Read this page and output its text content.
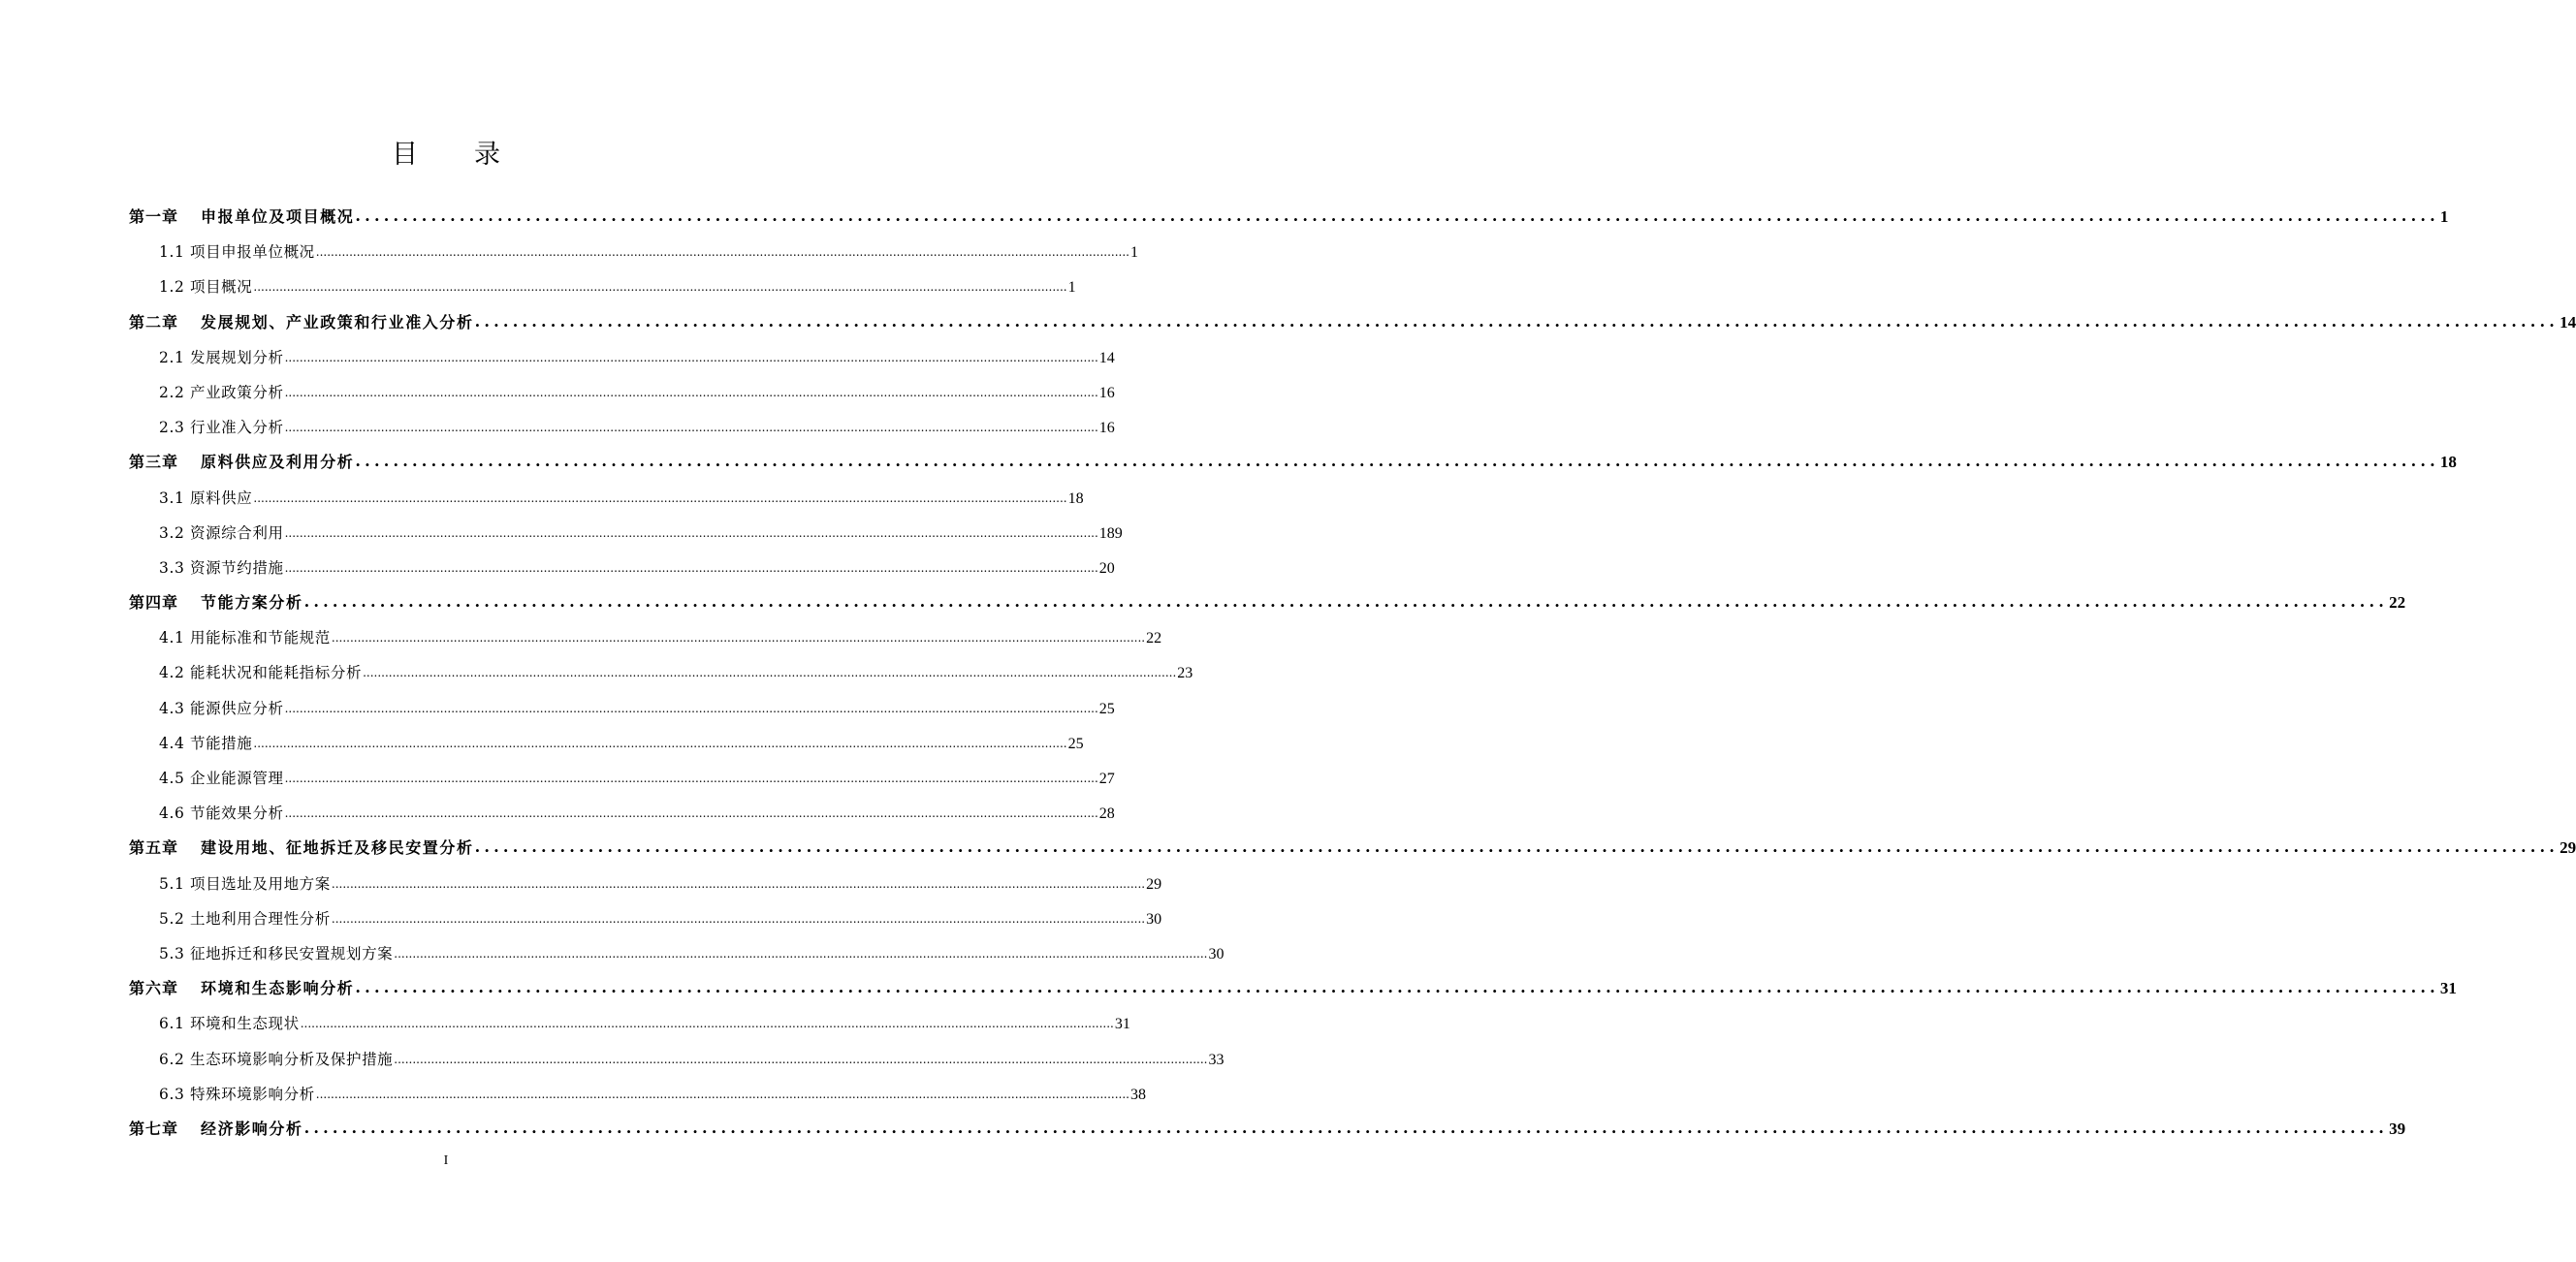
目录
第一章 申报单位及项目概况 ............................................................................................................................................................................................................................ 1
1.1 项目申报单位概况 ............................................................................................................................................................................................................................ 1
1.2 项目概况 ............................................................................................................................................................................................................................ 1
第二章 发展规划、产业政策和行业准入分析 ............................................................................................................................................................................................................................ 14
2.1 发展规划分析 ............................................................................................................................................................................................................................ 14
2.2 产业政策分析 ............................................................................................................................................................................................................................ 16
2.3 行业准入分析 ............................................................................................................................................................................................................................ 16
第三章 原料供应及利用分析 ............................................................................................................................................................................................................................ 18
3.1 原料供应 ............................................................................................................................................................................................................................ 18
3.2 资源综合利用 ............................................................................................................................................................................................................................ 189
3.3 资源节约措施 ............................................................................................................................................................................................................................ 20
第四章 节能方案分析 ............................................................................................................................................................................................................................ 22
4.1 用能标准和节能规范 ............................................................................................................................................................................................................................ 22
4.2 能耗状况和能耗指标分析 ............................................................................................................................................................................................................................ 23
4.3 能源供应分析 ............................................................................................................................................................................................................................ 25
4.4 节能措施 ............................................................................................................................................................................................................................ 25
4.5 企业能源管理 ............................................................................................................................................................................................................................ 27
4.6 节能效果分析 ............................................................................................................................................................................................................................ 28
第五章 建设用地、征地拆迁及移民安置分析 ............................................................................................................................................................................................................................ 29
5.1 项目选址及用地方案 ............................................................................................................................................................................................................................ 29
5.2 土地利用合理性分析 ............................................................................................................................................................................................................................ 30
5.3 征地拆迁和移民安置规划方案 ............................................................................................................................................................................................................................ 30
第六章 环境和生态影响分析 ............................................................................................................................................................................................................................ 31
6.1 环境和生态现状 ............................................................................................................................................................................................................................ 31
6.2 生态环境影响分析及保护措施 ............................................................................................................................................................................................................................ 33
6.3 特殊环境影响分析 ............................................................................................................................................................................................................................ 38
第七章 经济影响分析 ............................................................................................................................................................................................................................ 39
I
